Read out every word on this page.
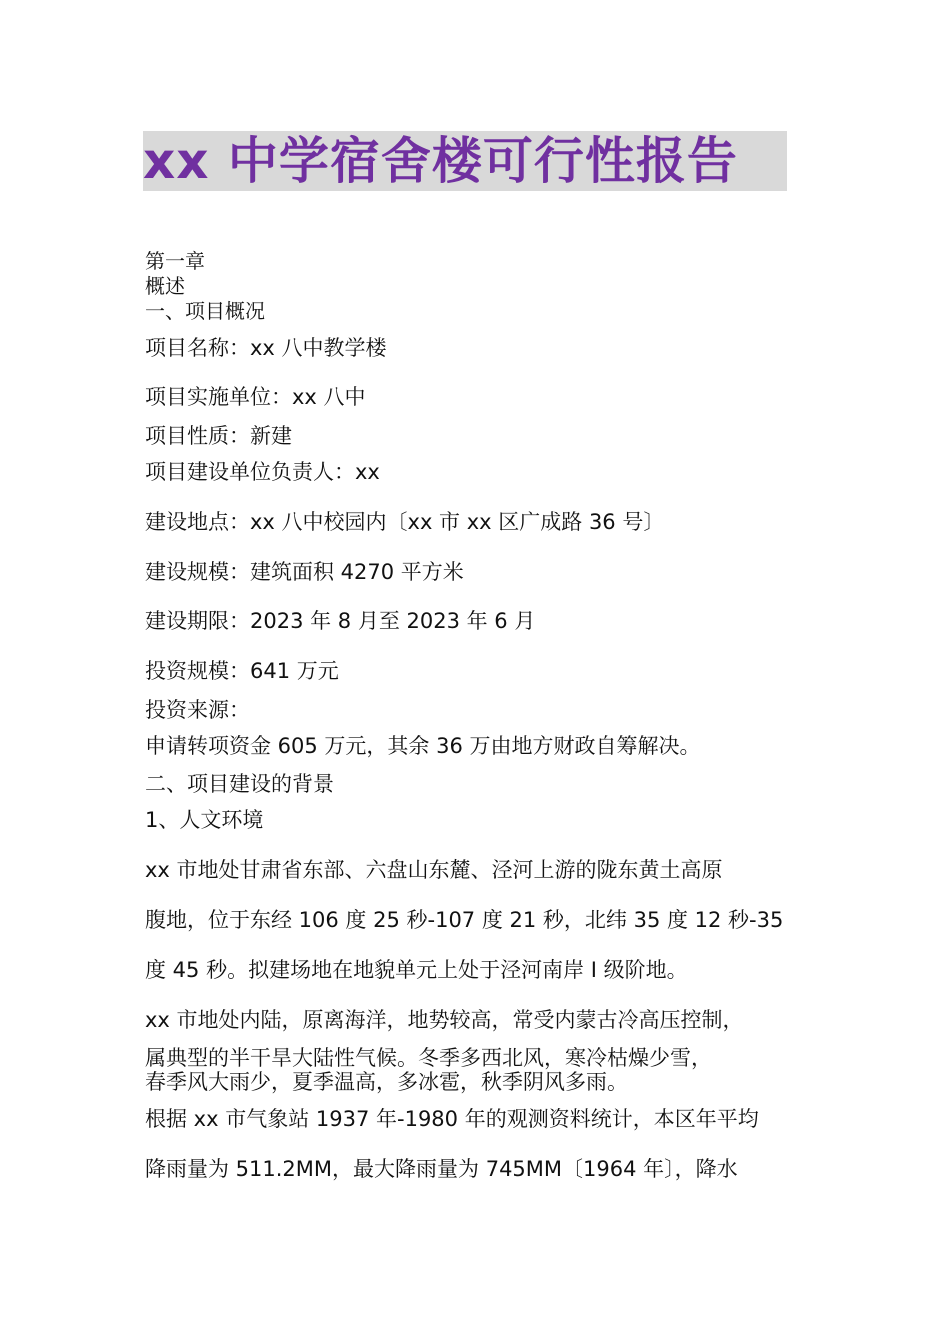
xx 中学宿舍楼可行性报告
第一章
概述
一、项目概况
项目名称：xx 八中教学楼
项目实施单位：xx 八中
项目性质：新建
项目建设单位负责人：xx
建设地点：xx 八中校园内〔xx 市 xx 区广成路 36 号〕
建设规模：建筑面积 4270 平方米
建设期限：2023 年 8 月至 2023 年 6 月
投资规模：641 万元
投资来源：
申请转项资金 605 万元，其余 36 万由地方财政自筹解决。
二、项目建设的背景
1、人文环境
xx 市地处甘肃省东部、六盘山东麓、泾河上游的陇东黄土高原
腹地，位于东经 106 度 25 秒-107 度 21 秒，北纬 35 度 12 秒-35
度 45 秒。拟建场地在地貌单元上处于泾河南岸 I 级阶地。
xx 市地处内陆，原离海洋，地势较高，常受内蒙古冷高压控制，
属典型的半干旱大陆性气候。冬季多西北风，寒冷枯燥少雪，
春季风大雨少，夏季温高，多冰雹，秋季阴风多雨。
根据 xx 市气象站 1937 年-1980 年的观测资料统计，本区年平均
降雨量为 511.2MM，最大降雨量为 745MM〔1964 年〕，降水
